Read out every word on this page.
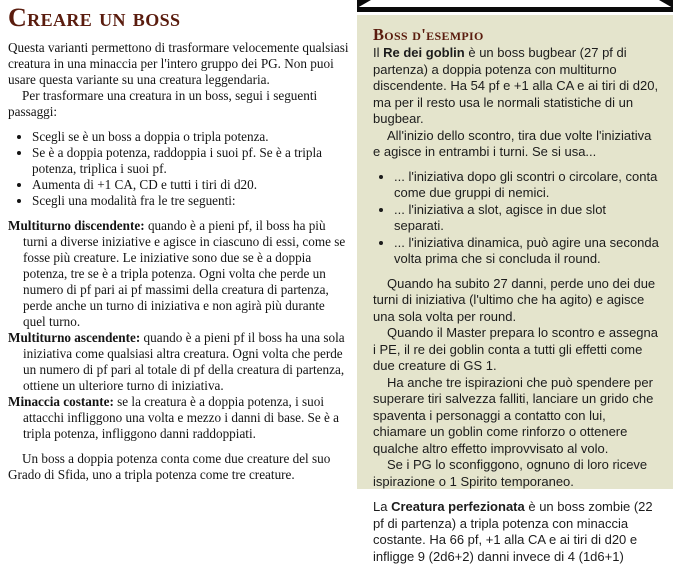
Creare un boss

Questa varianti permettono di trasformare velocemente qualsiasi creatura in una minaccia per l'intero gruppo dei PG. Non puoi usare questa variante su una creatura leggendaria.

Per trasformare una creatura in un boss, segui i seguenti passaggi:

• Scegli se è un boss a doppia o tripla potenza.
• Se è a doppia potenza, raddoppia i suoi pf. Se è a tripla potenza, triplica i suoi pf.
• Aumenta di +1 CA, CD e tutti i tiri di d20.
• Scegli una modalità fra le tre seguenti:

Multiturno discendente: quando è a pieni pf, il boss ha più turni a diverse iniziative e agisce in ciascuno di essi, come se fosse più creature. Le iniziative sono due se è a doppia potenza, tre se è a tripla potenza. Ogni volta che perde un numero di pf pari ai pf massimi della creatura di partenza, perde anche un turno di iniziativa e non agirà più durante quel turno.

Multiturno ascendente: quando è a pieni pf il boss ha una sola iniziativa come qualsiasi altra creatura. Ogni volta che perde un numero di pf pari al totale di pf della creatura di partenza, ottiene un ulteriore turno di iniziativa.

Minaccia costante: se la creatura è a doppia potenza, i suoi attacchi infliggono una volta e mezzo i danni di base. Se è a tripla potenza, infliggono danni raddoppiati.

Un boss a doppia potenza conta come due creature del suo Grado di Sfida, uno a tripla potenza come tre creature.

Boss d'esempio

Il Re dei goblin è un boss bugbear (27 pf di partenza) a doppia potenza con multiturno discendente. Ha 54 pf e +1 alla CA e ai tiri di d20, ma per il resto usa le normali statistiche di un bugbear.

All'inizio dello scontro, tira due volte l'iniziativa e agisce in entrambi i turni. Se si usa...

• ... l'iniziativa dopo gli scontri o circolare, conta come due gruppi di nemici.
• ... l'iniziativa a slot, agisce in due slot separati.
• ... l'iniziativa dinamica, può agire una seconda volta prima che si concluda il round.

Quando ha subito 27 danni, perde uno dei due turni di iniziativa (l'ultimo che ha agito) e agisce una sola volta per round.

Quando il Master prepara lo scontro e assegna i PE, il re dei goblin conta a tutti gli effetti come due creature di GS 1.

Ha anche tre ispirazioni che può spendere per superare tiri salvezza falliti, lanciare un grido che spaventa i personaggi a contatto con lui, chiamare un goblin come rinforzo o ottenere qualche altro effetto improvvisato al volo.

Se i PG lo sconfiggono, ognuno di loro riceve ispirazione o 1 Spirito temporaneo.

La Creatura perfezionata è un boss zombie (22 pf di partenza) a tripla potenza con minaccia costante. Ha 66 pf, +1 alla CA e ai tiri di d20 e infligge 9 (2d6+2) danni invece di 4 (1d6+1)
